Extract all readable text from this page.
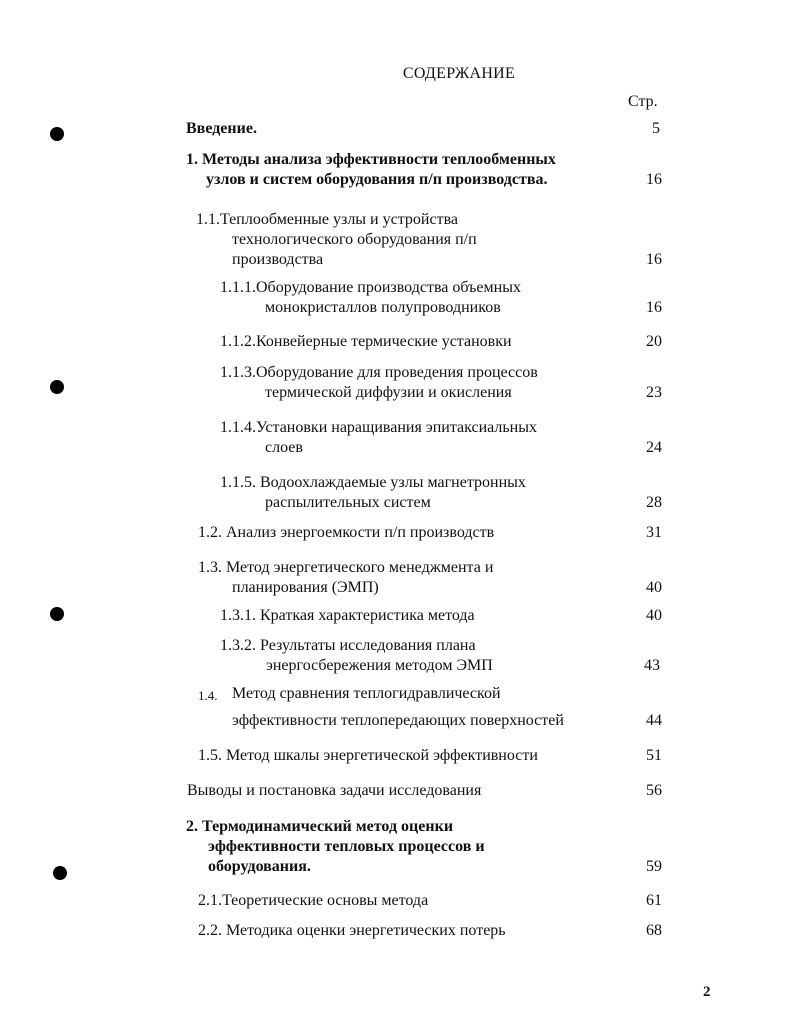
СОДЕРЖАНИЕ
Стр.
Введение.	5
1. Методы анализа эффективности теплообменных
узлов и систем оборудования п/п производства.	16
1.1.Теплообменные узлы и устройства
технологического оборудования п/п
производства	16
1.1.1.Оборудование производства объемных
монокристаллов полупроводников	16
1.1.2.Конвейерные термические установки	20
1.1.3.Оборудование для проведения процессов
термической диффузии и окисления	23
1.1.4.Установки наращивания эпитаксиальных
слоев	24
1.1.5. Водоохлаждаемые узлы магнетронных
распылительных систем	28
1.2. Анализ энергоемкости п/п производств	31
1.3. Метод энергетического менеджмента и
планирования (ЭМП)	40
1.3.1. Краткая характеристика метода	40
1.3.2. Результаты исследования плана
энергосбережения методом ЭМП	43
1.4. Метод сравнения теплогидравлической
эффективности теплопередающих поверхностей	44
1.5. Метод шкалы энергетической эффективности	51
Выводы и постановка задачи исследования	56
2. Термодинамический метод оценки
эффективности тепловых процессов и
оборудования.	59
2.1.Теоретические основы метода	61
2.2. Методика оценки энергетических потерь	68
2
